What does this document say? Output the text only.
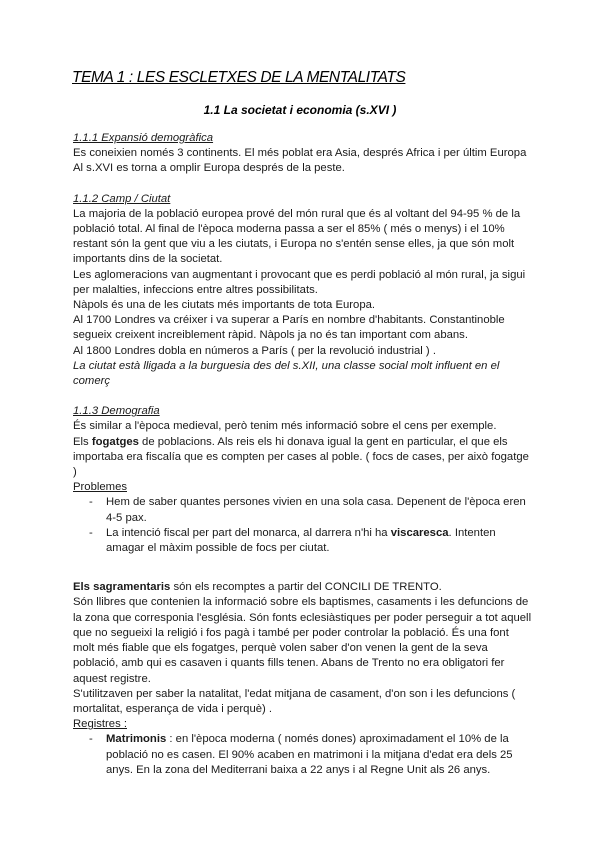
TEMA 1 : LES ESCLETXES DE LA MENTALITATS
1.1 La societat i economia (s.XVI )

1.1.1 Expansió demogràfica

Es coneixien només 3 continents. El més poblat era Asia, després Africa i per últim Europa

Al s.XVI es torna a omplir Europa després de la peste.

1.1.2 Camp / Ciutat

La majoria de la població europea prové del món rural que és al voltant del 94-95 % de la població total. Al final de l'època moderna passa a ser el 85% ( més o menys) i el 10% restant són la gent que viu a les ciutats, i Europa no s'entén sense elles, ja que són molt importants dins de la societat.

Les aglomeracions van augmentant i provocant que es perdi població al món rural, ja sigui per malalties, infeccions entre altres possibilitats.

Nàpols és una de les ciutats més importants de tota Europa.

Al 1700 Londres va créixer i va superar a París en nombre d'habitants. Constantinoble segueix creixent increiblement ràpid. Nàpols ja no és tan important com abans.

Al 1800 Londres dobla en números a París ( per la revolució industrial ) .

La ciutat està lligada a la burguesia des del s.XII, una classe social molt influent en el comerç

1.1.3 Demografia

És similar a l'època medieval, però tenim més informació sobre el cens per exemple.

Els fogatges de poblacions. Als reis els hi donava igual la gent en particular, el que els importaba era fiscalía que es compten per cases al poble. ( focs de cases, per això fogatge )

Problemes

- Hem de saber quantes persones vivien en una sola casa. Depenent de l'època eren 4-5 pax.
- La intenció fiscal per part del monarca, al darrera n'hi ha viscaresca. Intenten amagar el màxim possible de focs per ciutat.

Els sagramentaris són els recomptes a partir del CONCILI DE TRENTO.

Són llibres que contenien la informació sobre els baptismes, casaments i les defuncions de la zona que corresponia l'església. Són fonts eclesiàstiques per poder perseguir a tot aquell que no segueixi la religió i fos pagà i també per poder controlar la població. És una font molt més fiable que els fogatges, perquè volen saber d'on venen la gent de la seva població, amb qui es casaven i quants fills tenen. Abans de Trento no era obligatori fer aquest registre.

S'utilitzaven per saber la natalitat, l'edat mitjana de casament, d'on son i les defuncions ( mortalitat, esperança de vida i perquè) .

Registres :

- Matrimonis : en l'època moderna ( només dones) aproximadament el 10% de la població no es casen. El 90% acaben en matrimoni i la mitjana d'edat era dels 25 anys. En la zona del Mediterrani baixa a 22 anys i al Regne Unit als 26 anys.
